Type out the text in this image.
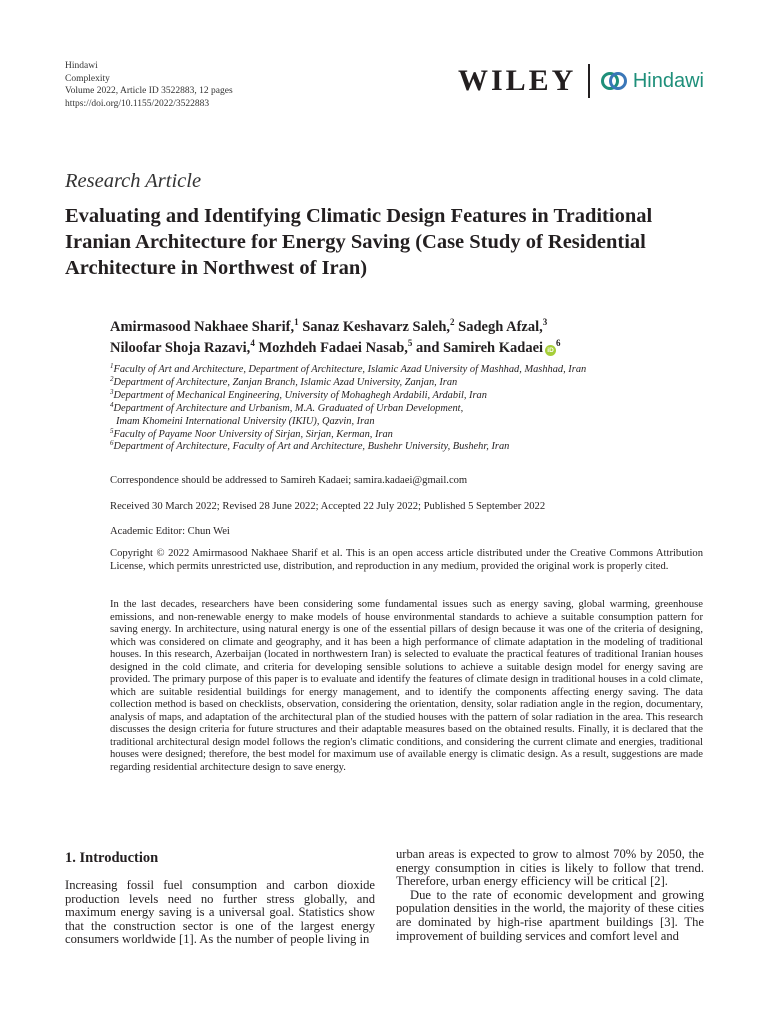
Hindawi
Complexity
Volume 2022, Article ID 3522883, 12 pages
https://doi.org/10.1155/2022/3522883
WILEY	Hindawi
Research Article
Evaluating and Identifying Climatic Design Features in Traditional Iranian Architecture for Energy Saving (Case Study of Residential Architecture in Northwest of Iran)
Amirmasood Nakhaee Sharif,$^1$ Sanaz Keshavarz Saleh,$^2$ Sadegh Afzal,$^3$
Niloofar Shoja Razavi,$^4$ Mozhdeh Fadaei Nasab,$^5$ and Samireh Kadaei $iD^6$
$^1$Faculty of Art and Architecture, Department of Architecture, Islamic Azad University of Mashhad, Mashhad, Iran
$^2$Department of Architecture, Zanjan Branch, Islamic Azad University, Zanjan, Iran
$^3$Department of Mechanical Engineering, University of Mohaghegh Ardabili, Ardabil, Iran
$^4$Department of Architecture and Urbanism, M.A. Graduated of Urban Development,
Imam Khomeini International University (IKIU), Qazvin, Iran
$^5$Faculty of Payame Noor University of Sirjan, Sirjan, Kerman, Iran
$^6$Department of Architecture, Faculty of Art and Architecture, Bushehr University, Bushehr, Iran
Correspondence should be addressed to Samireh Kadaei; samira.kadaei@gmail.com
Received 30 March 2022; Revised 28 June 2022; Accepted 22 July 2022; Published 5 September 2022
Academic Editor: Chun Wei
Copyright © 2022 Amirmasood Nakhaee Sharif et al. This is an open access article distributed under the Creative Commons Attribution License, which permits unrestricted use, distribution, and reproduction in any medium, provided the original work is properly cited.

In the last decades, researchers have been considering some fundamental issues such as energy saving, global warming, greenhouse emissions, and non-renewable energy to make models of house environmental standards to achieve a suitable consumption pattern for saving energy. In architecture, using natural energy is one of the essential pillars of design because it was one of the criteria of designing, which was considered on climate and geography, and it has been a high performance of climate adaptation in the modeling of traditional houses. In this research, Azerbaijan (located in northwestern Iran) is selected to evaluate the practical features of traditional Iranian houses designed in the cold climate, and criteria for developing sensible solutions to achieve a suitable design model for energy saving are provided. The primary purpose of this paper is to evaluate and identify the features of climate design in traditional houses in a cold climate, which are suitable residential buildings for energy management, and to identify the components affecting energy saving. The data collection method is based on checklists, observation, considering the orientation, density, solar radiation angle in the region, documentary, analysis of maps, and adaptation of the architectural plan of the studied houses with the pattern of solar radiation in the area. This research discusses the design criteria for future structures and their adaptable measures based on the obtained results. Finally, it is declared that the traditional architectural design model follows the region's climatic conditions, and considering the current climate and energies, traditional houses were designed; therefore, the best model for maximum use of available energy is climatic design. As a result, suggestions are made regarding residential architecture design to save energy.

1. Introduction

Increasing fossil fuel consumption and carbon dioxide production levels need no further stress globally, and maximum energy saving is a universal goal. Statistics show that the construction sector is one of the largest energy consumers worldwide [1]. As the number of people living in

urban areas is expected to grow to almost 70% by 2050, the energy consumption in cities is likely to follow that trend. Therefore, urban energy efficiency will be critical [2].

Due to the rate of economic development and growing population densities in the world, the majority of these cities are dominated by high-rise apartment buildings [3]. The improvement of building services and comfort level and
